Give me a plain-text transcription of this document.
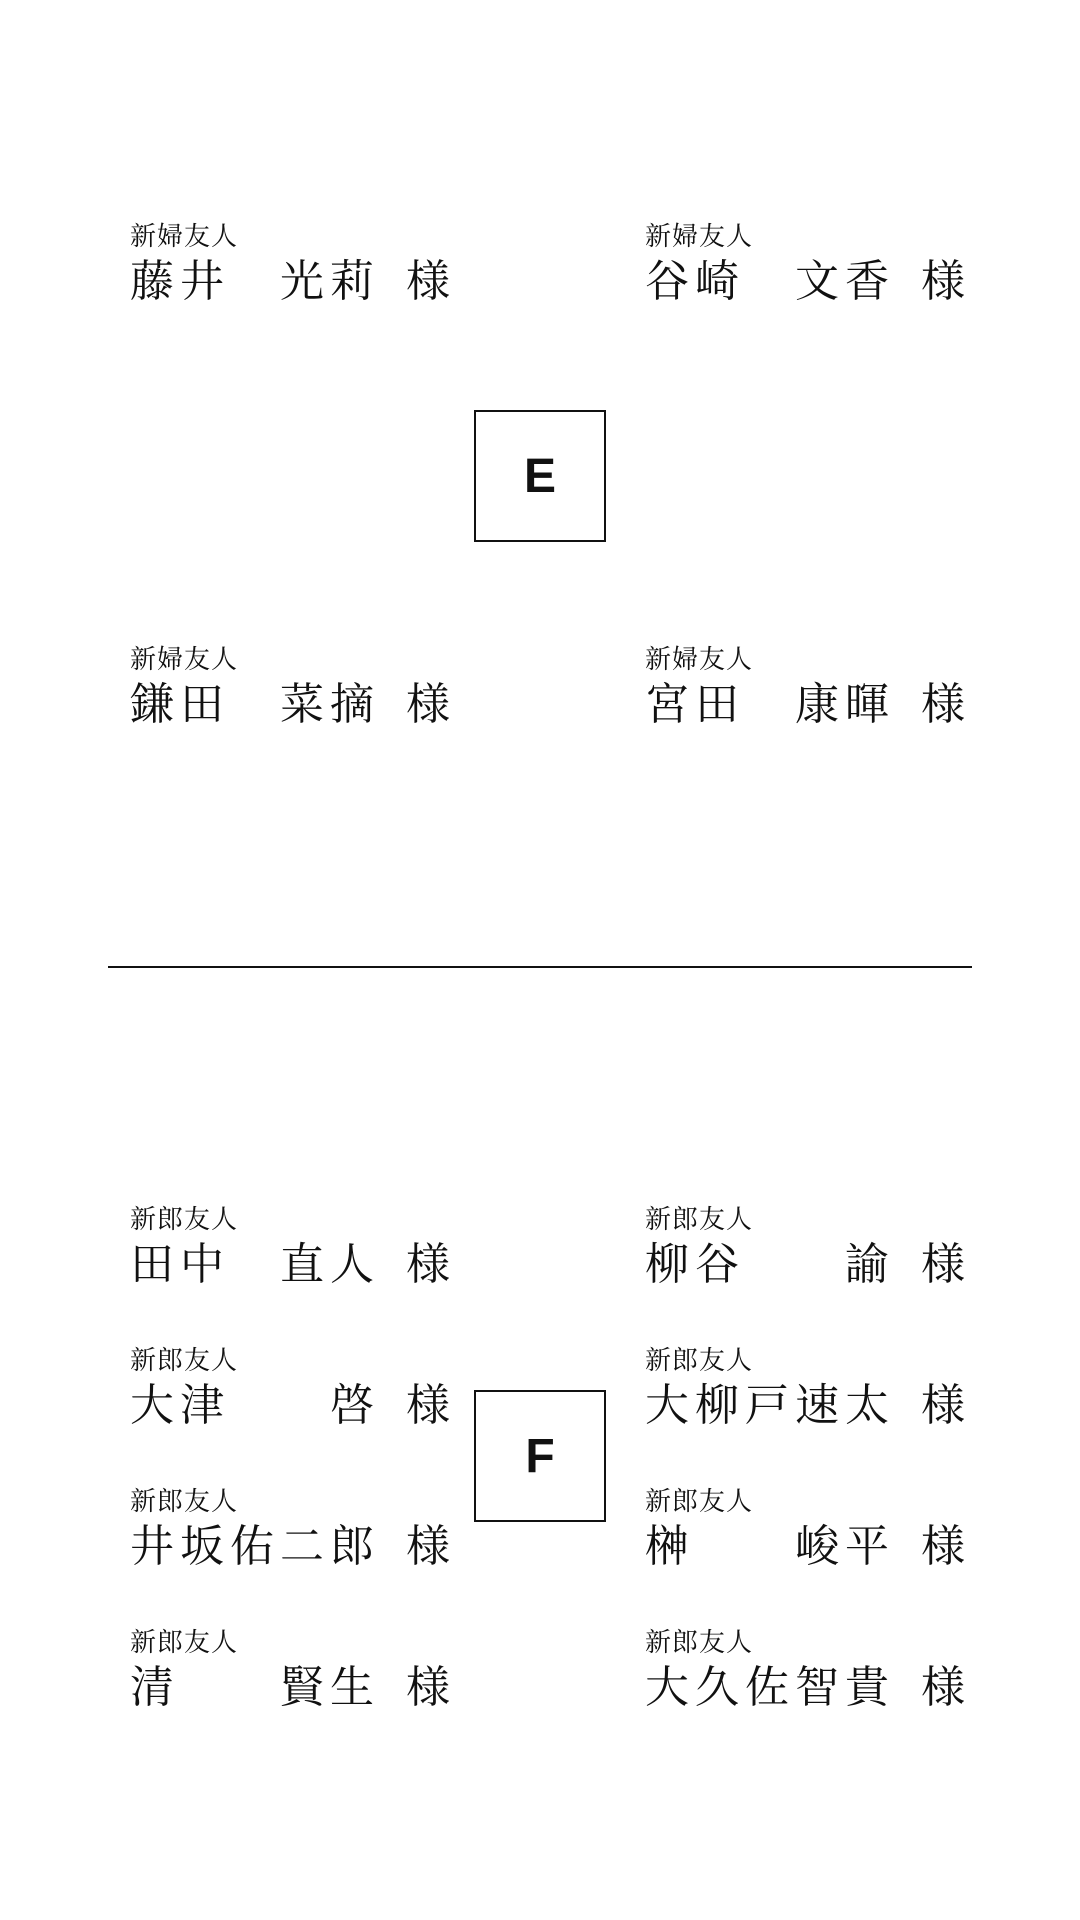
新婦友人
藤井 光莉 様
新婦友人
谷崎 文香 様
E
新婦友人
鎌田 菜摘 様
新婦友人
宮田 康暉 様
新郎友人
田中 直人 様
新郎友人
大津 啓 様
新郎友人
井坂 佑二郎 様
新郎友人
清 賢生 様
F
新郎友人
柳谷 諭 様
新郎友人
大柳戸 速太 様
新郎友人
榊 峻平 様
新郎友人
大久佐 智貴 様
